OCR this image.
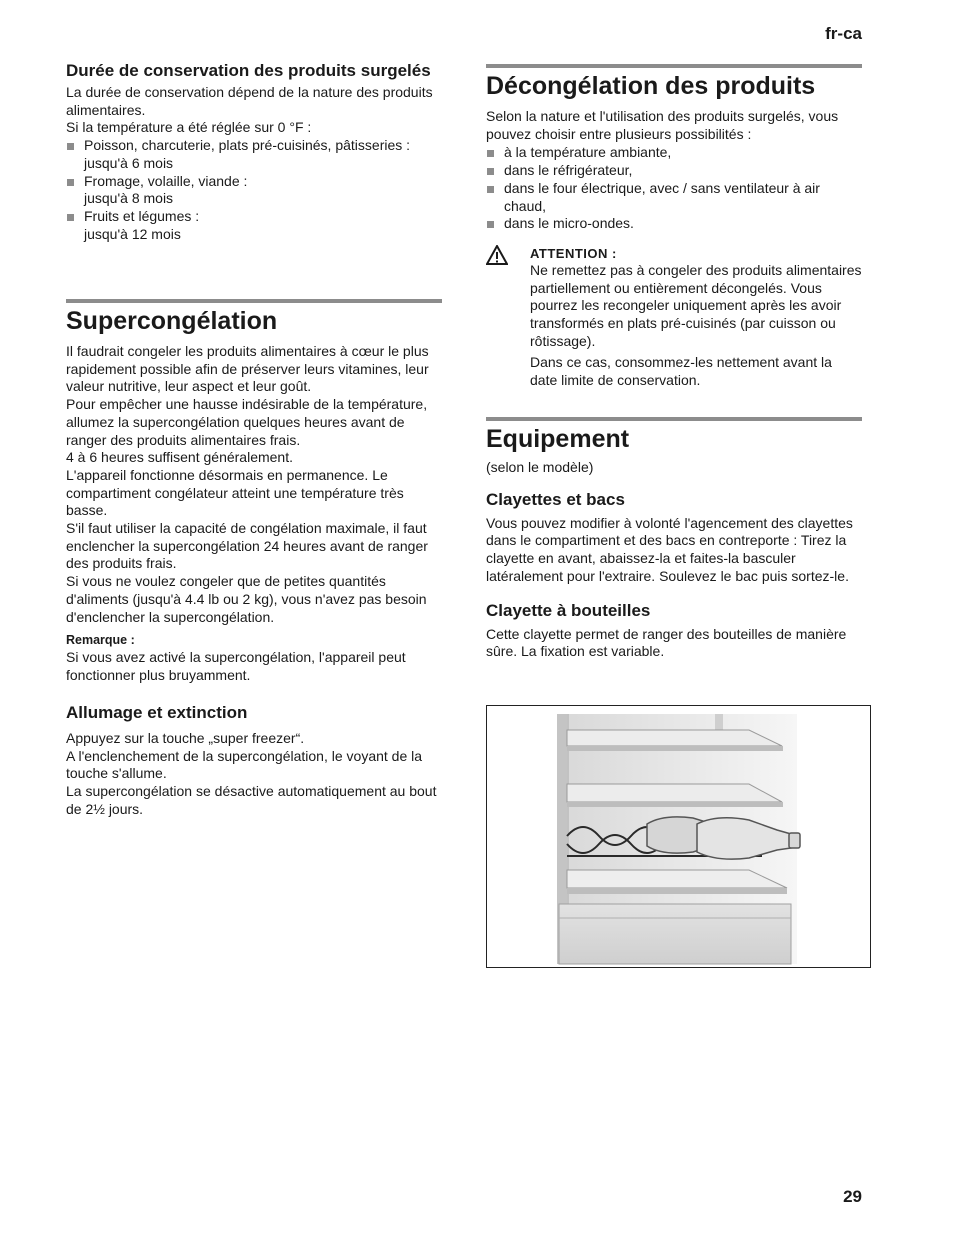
fr-ca
29

Durée de conservation des produits surgelés

La durée de conservation dépend de la nature des produits alimentaires.

Si la température a été réglée sur 0 °F :

Poisson, charcuterie, plats pré-cuisinés, pâtisseries :
jusqu'à 6 mois
Fromage, volaille, viande :
jusqu'à 8 mois
Fruits et légumes :
jusqu'à 12 mois

Supercongélation

Il faudrait congeler les produits alimentaires à cœur le plus rapidement possible afin de préserver leurs vitamines, leur valeur nutritive, leur aspect et leur goût.

Pour empêcher une hausse indésirable de la température, allumez la supercongélation quelques heures avant de ranger des produits alimentaires frais.

4 à 6 heures suffisent généralement.

L'appareil fonctionne désormais en permanence. Le compartiment congélateur atteint une température très basse.

S'il faut utiliser la capacité de congélation maximale, il faut enclencher la supercongélation 24 heures avant de ranger des produits frais.

Si vous ne voulez congeler que de petites quantités d'aliments (jusqu'à 4.4 lb ou 2 kg), vous n'avez pas besoin d'enclencher la supercongélation.

Remarque :

Si vous avez activé la supercongélation, l'appareil peut fonctionner plus bruyamment.

Allumage et extinction

Appuyez sur la touche „super freezer“.

A l'enclenchement de la supercongélation, le voyant de la touche s'allume.

La supercongélation se désactive automatiquement au bout de 2½ jours.

Décongélation des produits

Selon la nature et l'utilisation des produits surgelés, vous pouvez choisir entre plusieurs possibilités :

à la température ambiante,
dans le réfrigérateur,
dans le four électrique, avec / sans ventilateur à air chaud,
dans le micro-ondes.

ATTENTION :

Ne remettez pas à congeler des produits alimentaires partiellement ou entièrement décongelés. Vous pourrez les recongeler uniquement après les avoir transformés en plats pré-cuisinés (par cuisson ou rôtissage).

Dans ce cas, consommez-les nettement avant la date limite de conservation.

Equipement

(selon le modèle)

Clayettes et bacs

Vous pouvez modifier à volonté l'agencement des clayettes dans le compartiment et des bacs en contreporte : Tirez la clayette en avant, abaissez-la et faites-la basculer latéralement pour l'extraire. Soulevez le bac puis sortez-le.

Clayette à bouteilles

Cette clayette permet de ranger des bouteilles de manière sûre. La fixation est variable.
